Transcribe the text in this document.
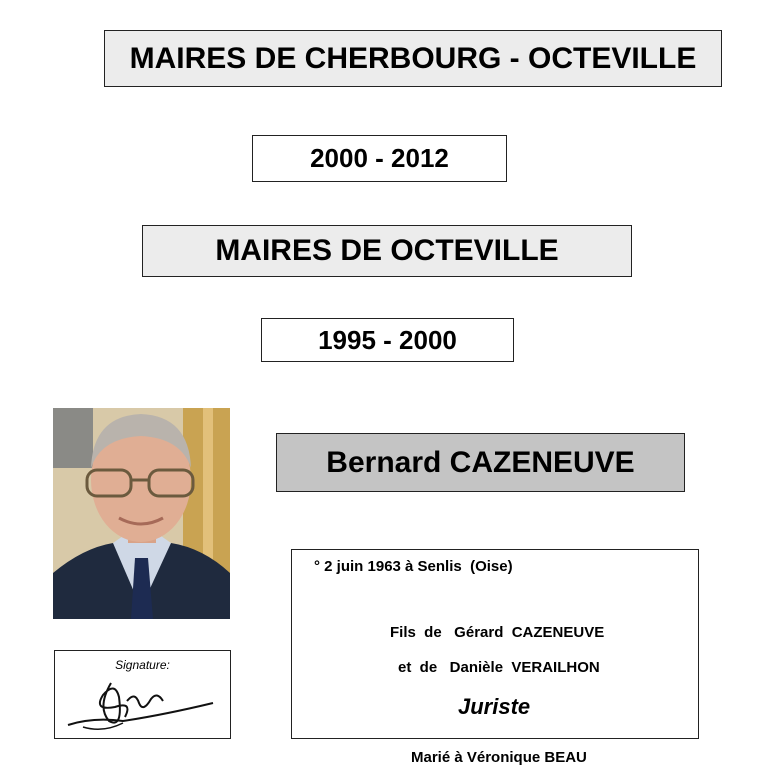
MAIRES DE CHERBOURG - OCTEVILLE
2000 - 2012
MAIRES DE OCTEVILLE
1995 - 2000
Bernard CAZENEUVE
Signature:
° 2 juin 1963 à Senlis  (Oise)
Fils  de   Gérard  CAZENEUVE
et  de   Danièle  VERAILHON
Juriste
Marié à Véronique BEAU
